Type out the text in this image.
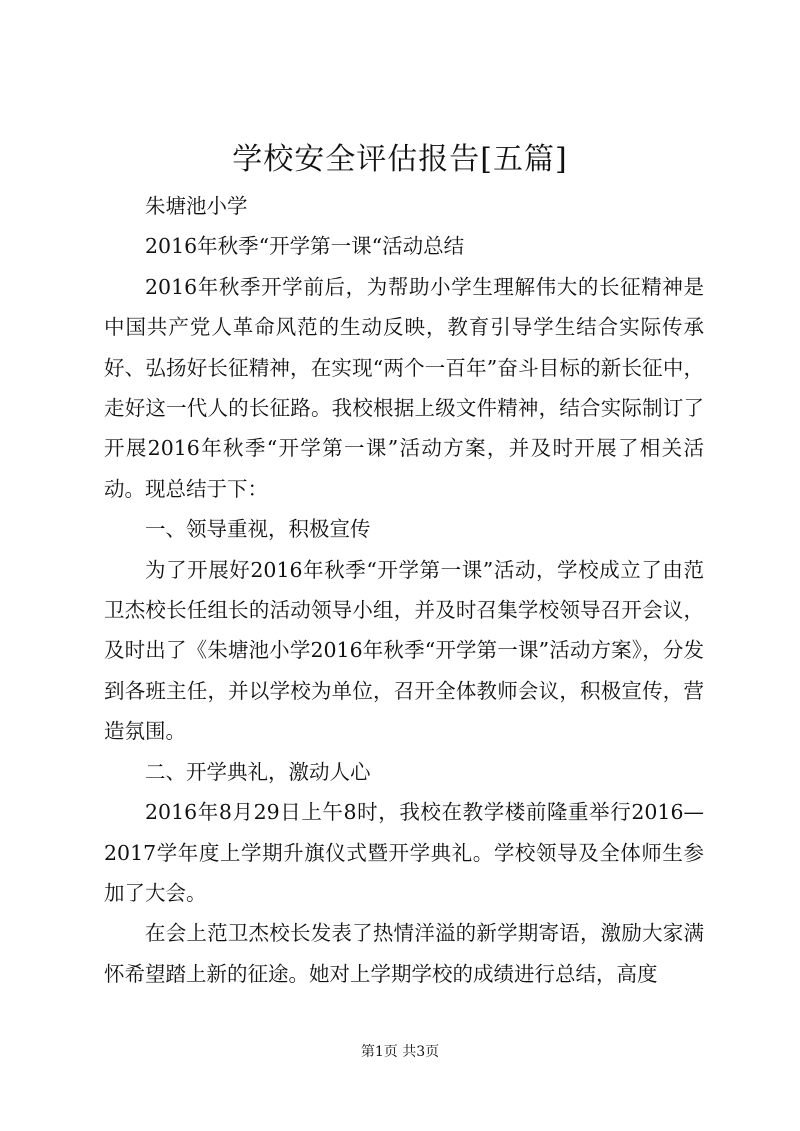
学校安全评估报告[五篇]

朱塘池小学

2016年秋季“开学第一课“活动总结

2016年秋季开学前后，为帮助小学生理解伟大的长征精神是中国共产党人革命风范的生动反映，教育引导学生结合实际传承好、弘扬好长征精神，在实现“两个一百年”奋斗目标的新长征中，走好这一代人的长征路。我校根据上级文件精神，结合实际制订了开展2016年秋季“开学第一课”活动方案，并及时开展了相关活动。现总结于下：

一、领导重视，积极宣传

为了开展好2016年秋季“开学第一课”活动，学校成立了由范卫杰校长任组长的活动领导小组，并及时召集学校领导召开会议，及时出了《朱塘池小学2016年秋季“开学第一课”活动方案》，分发到各班主任，并以学校为单位，召开全体教师会议，积极宣传，营造氛围。

二、开学典礼，激动人心

2016年8月29日上午8时，我校在教学楼前隆重举行2016—2017学年度上学期升旗仪式暨开学典礼。学校领导及全体师生参加了大会。

在会上范卫杰校长发表了热情洋溢的新学期寄语，激励大家满怀希望踏上新的征途。她对上学期学校的成绩进行总结，高度

第1页 共3页
